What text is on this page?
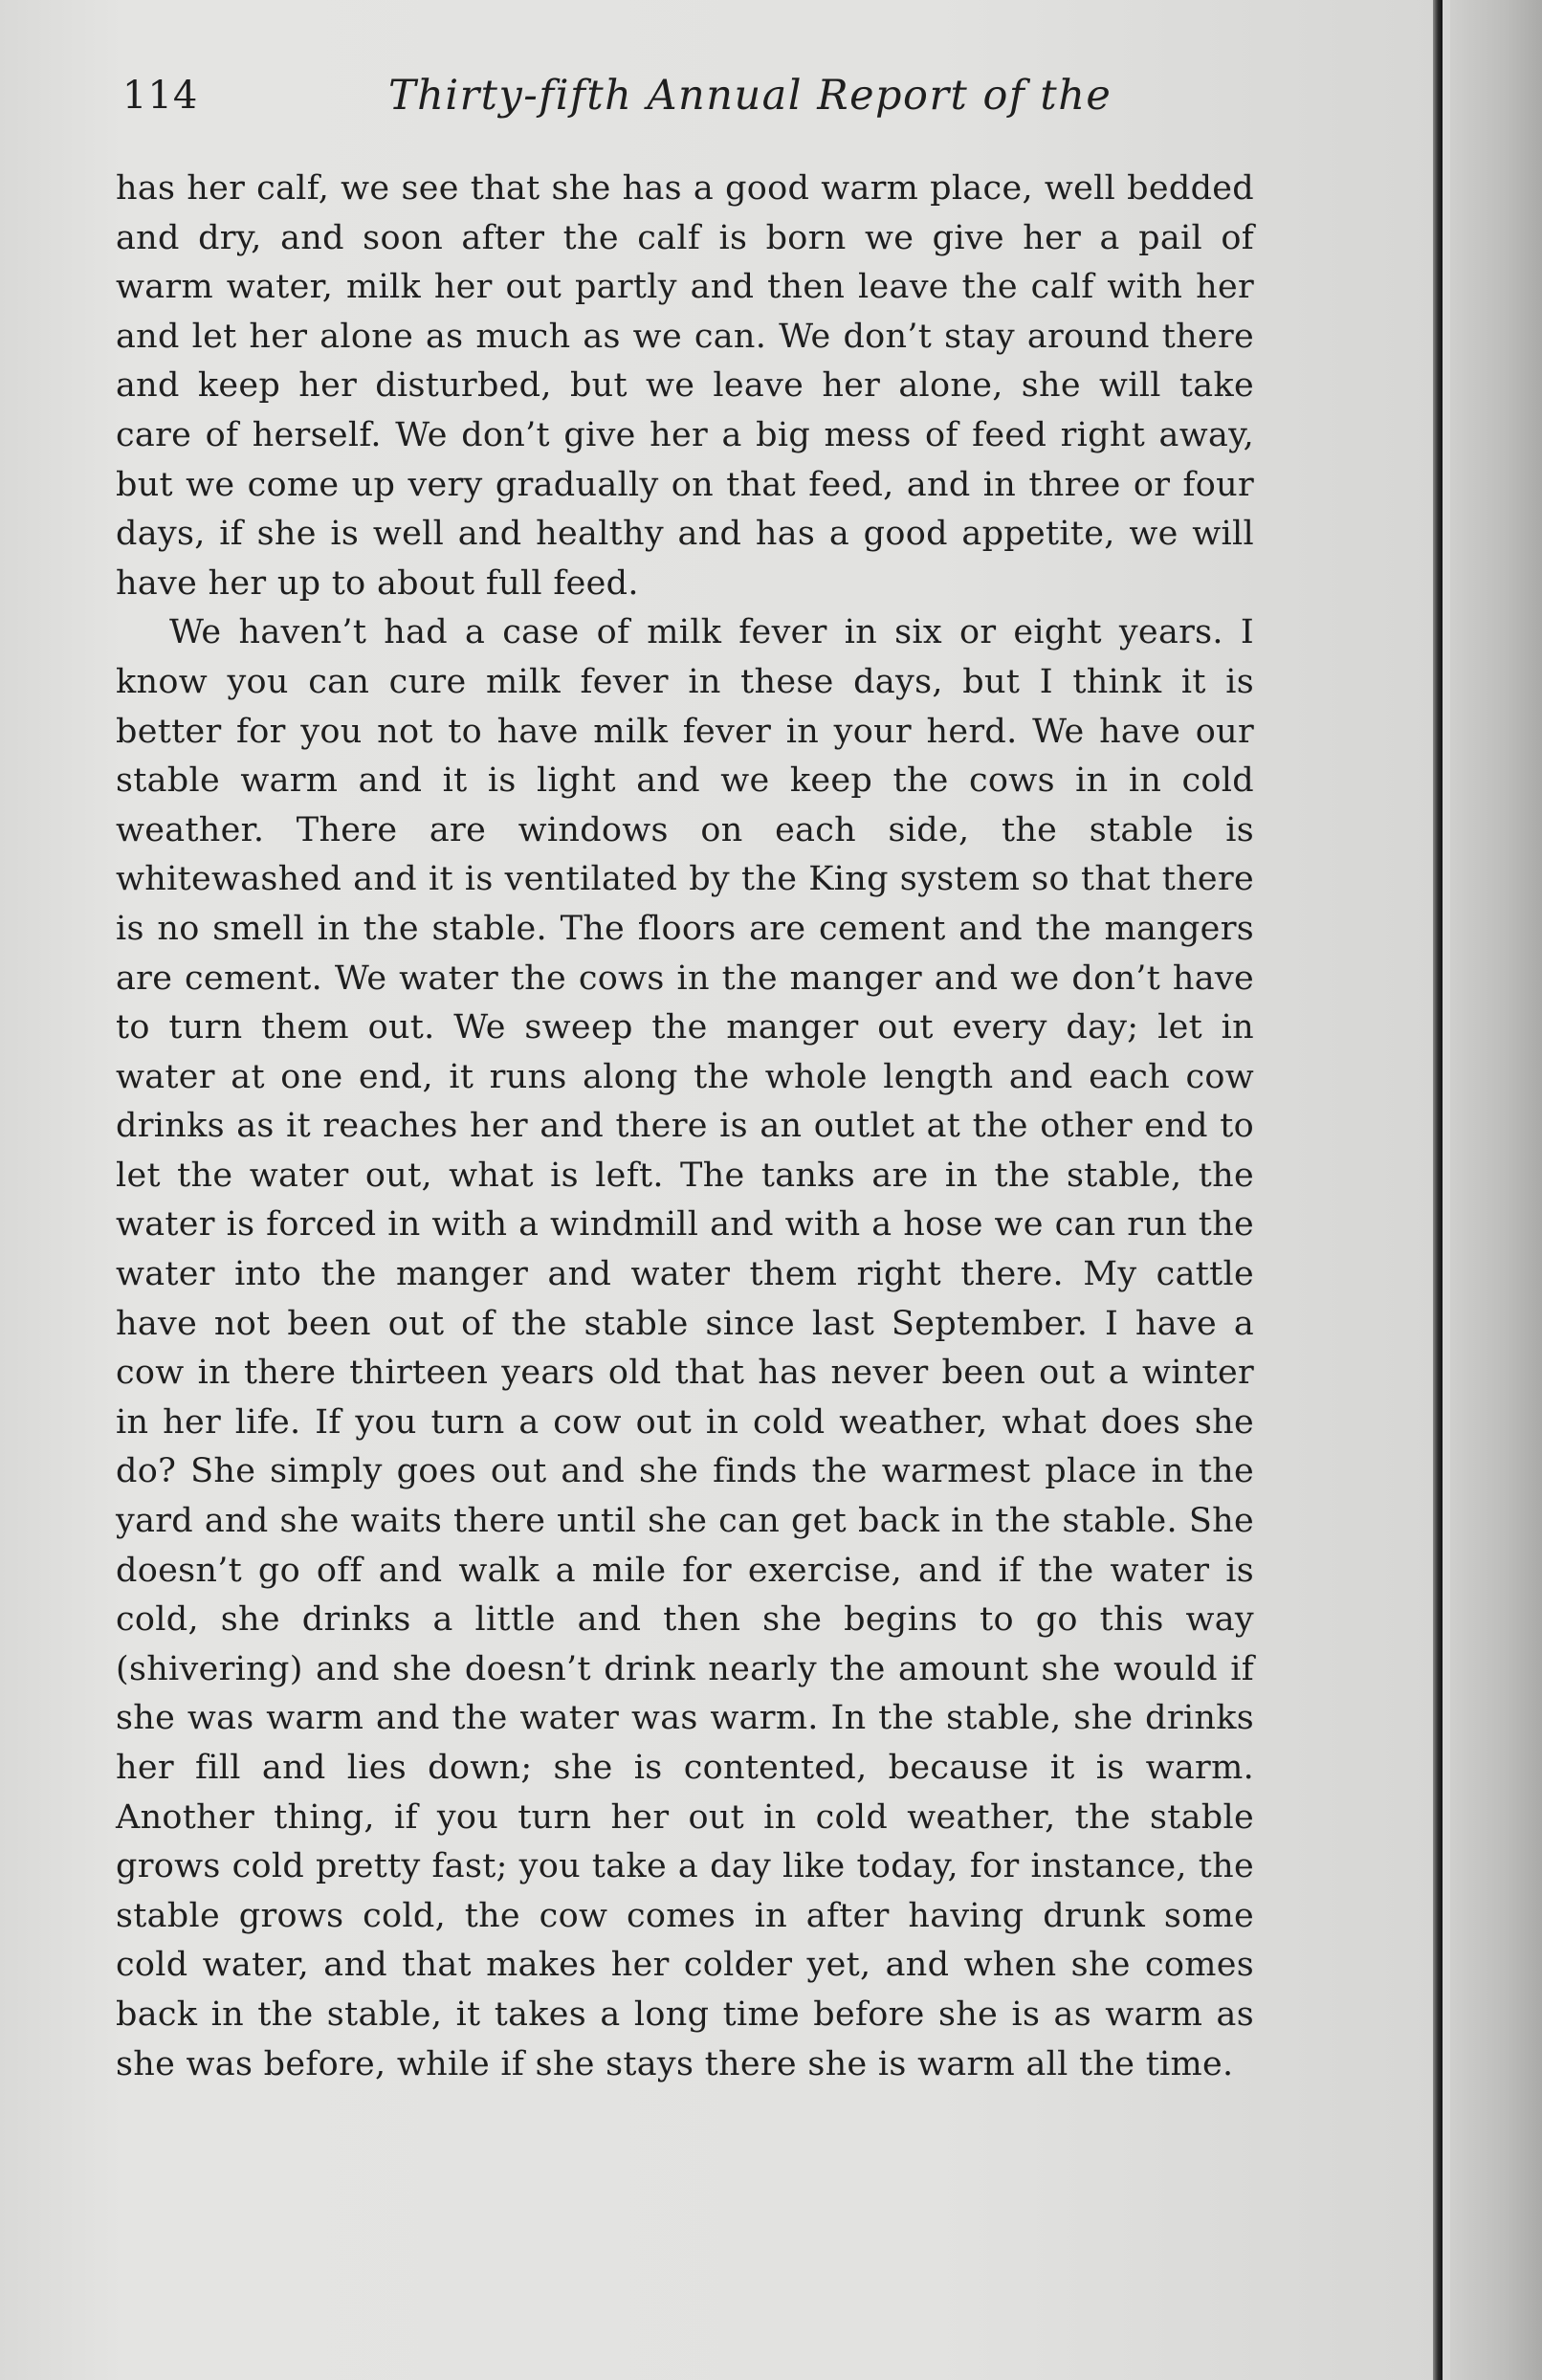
114	Thirty-fifth Annual Report of the

has her calf, we see that she has a good warm place, well bedded and dry, and soon after the calf is born we give her a pail of warm water, milk her out partly and then leave the calf with her and let her alone as much as we can. We don’t stay around there and keep her disturbed, but we leave her alone, she will take care of herself. We don’t give her a big mess of feed right away, but we come up very gradually on that feed, and in three or four days, if she is well and healthy and has a good appetite, we will have her up to about full feed.

We haven’t had a case of milk fever in six or eight years. I know you can cure milk fever in these days, but I think it is better for you not to have milk fever in your herd. We have our stable warm and it is light and we keep the cows in in cold weather. There are windows on each side, the stable is whitewashed and it is ventilated by the King system so that there is no smell in the stable. The floors are cement and the mangers are cement. We water the cows in the manger and we don’t have to turn them out. We sweep the manger out every day; let in water at one end, it runs along the whole length and each cow drinks as it reaches her and there is an outlet at the other end to let the water out, what is left. The tanks are in the stable, the water is forced in with a windmill and with a hose we can run the water into the manger and water them right there. My cattle have not been out of the stable since last September. I have a cow in there thirteen years old that has never been out a winter in her life. If you turn a cow out in cold weather, what does she do? She simply goes out and she finds the warmest place in the yard and she waits there until she can get back in the stable. She doesn’t go off and walk a mile for exercise, and if the water is cold, she drinks a little and then she begins to go this way (shivering) and she doesn’t drink nearly the amount she would if she was warm and the water was warm. In the stable, she drinks her fill and lies down; she is contented, because it is warm. Another thing, if you turn her out in cold weather, the stable grows cold pretty fast; you take a day like today, for instance, the stable grows cold, the cow comes in after having drunk some cold water, and that makes her colder yet, and when she comes back in the stable, it takes a long time before she is as warm as she was before, while if she stays there she is warm all the time.
